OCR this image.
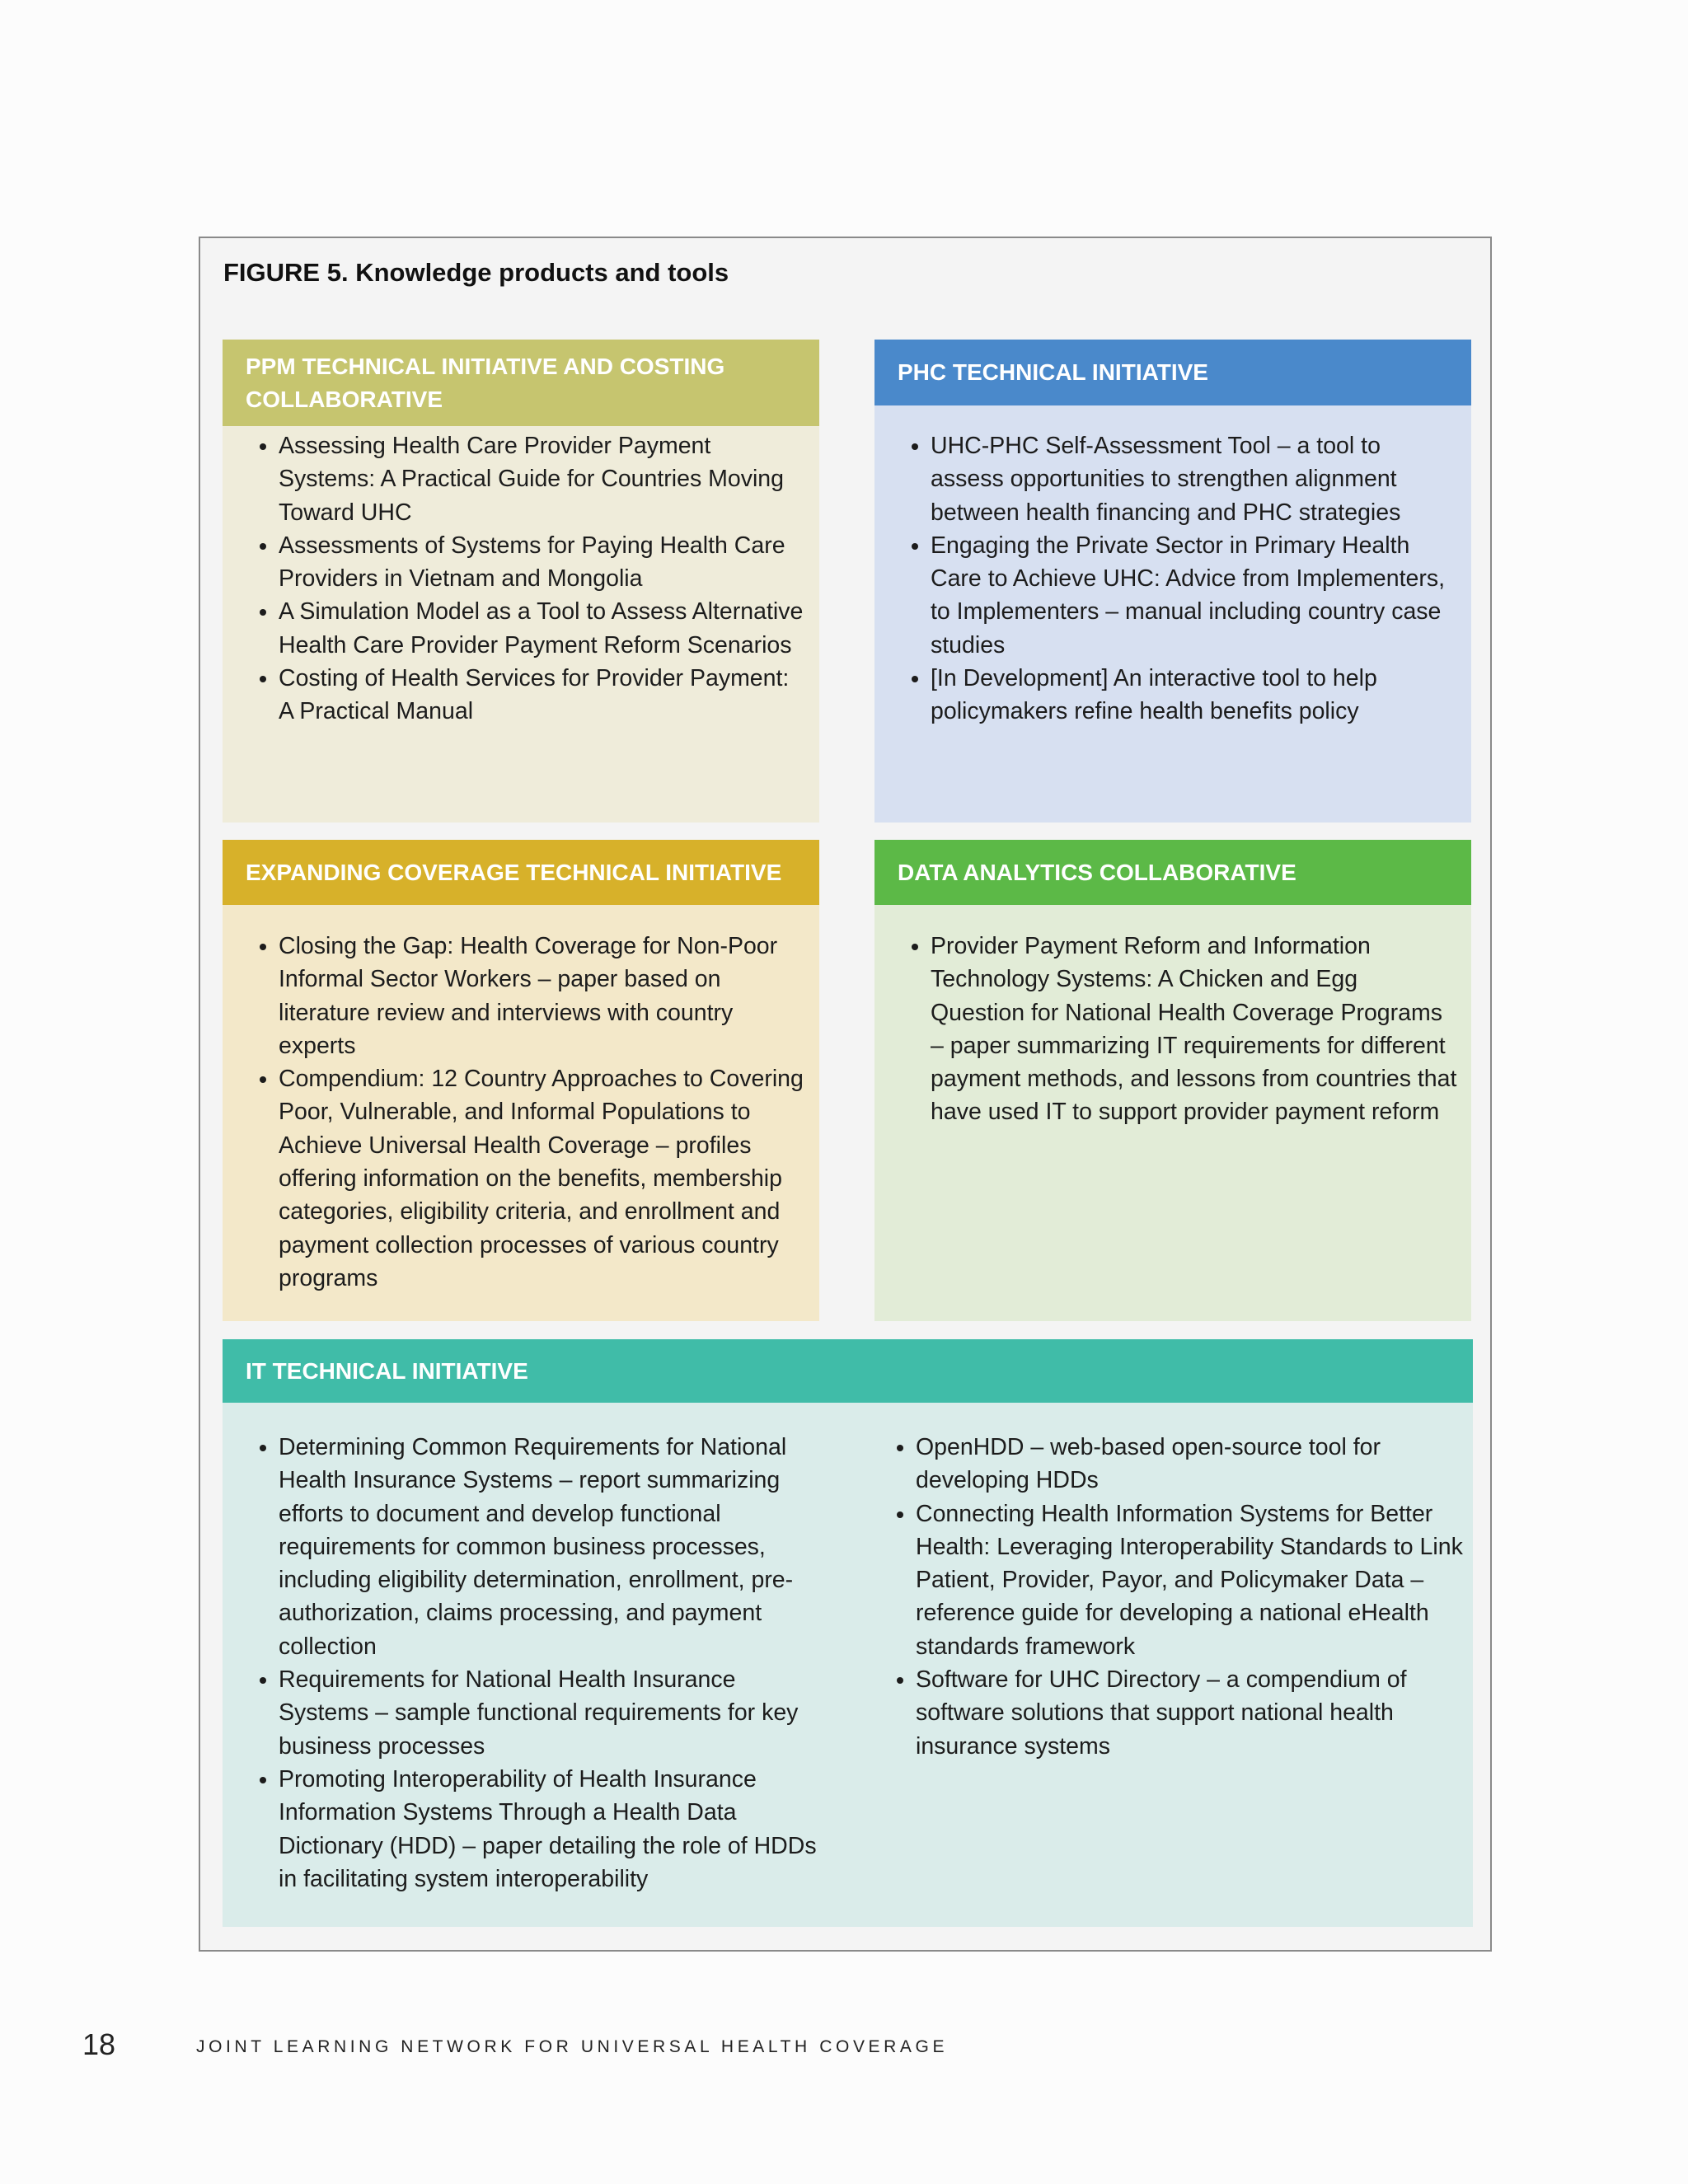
FIGURE 5. Knowledge products and tools
PPM TECHNICAL INITIATIVE AND COSTING COLLABORATIVE
• Assessing Health Care Provider Payment Systems: A Practical Guide for Countries Moving Toward UHC
• Assessments of Systems for Paying Health Care Providers in Vietnam and Mongolia
• A Simulation Model as a Tool to Assess Alternative Health Care Provider Payment Reform Scenarios
• Costing of Health Services for Provider Payment: A Practical Manual
PHC TECHNICAL INITIATIVE
• UHC-PHC Self-Assessment Tool – a tool to assess opportunities to strengthen alignment between health financing and PHC strategies
• Engaging the Private Sector in Primary Health Care to Achieve UHC: Advice from Implementers, to Implementers – manual including country case studies
• [In Development] An interactive tool to help policymakers refine health benefits policy
EXPANDING COVERAGE TECHNICAL INITIATIVE
• Closing the Gap: Health Coverage for Non-Poor Informal Sector Workers – paper based on literature review and interviews with country experts
• Compendium: 12 Country Approaches to Covering Poor, Vulnerable, and Informal Populations to Achieve Universal Health Coverage – profiles offering information on the benefits, membership categories, eligibility criteria, and enrollment and payment collection processes of various country programs
DATA ANALYTICS COLLABORATIVE
• Provider Payment Reform and Information Technology Systems: A Chicken and Egg Question for National Health Coverage Programs – paper summarizing IT requirements for different payment methods, and lessons from countries that have used IT to support provider payment reform
IT TECHNICAL INITIATIVE
• Determining Common Requirements for National Health Insurance Systems – report summarizing efforts to document and develop functional requirements for common business processes, including eligibility determination, enrollment, pre-authorization, claims processing, and payment collection
• Requirements for National Health Insurance Systems – sample functional requirements for key business processes
• Promoting Interoperability of Health Insurance Information Systems Through a Health Data Dictionary (HDD) – paper detailing the role of HDDs in facilitating system interoperability
• OpenHDD – web-based open-source tool for developing HDDs
• Connecting Health Information Systems for Better Health: Leveraging Interoperability Standards to Link Patient, Provider, Payor, and Policymaker Data – reference guide for developing a national eHealth standards framework
• Software for UHC Directory – a compendium of software solutions that support national health insurance systems
18	JOINT LEARNING NETWORK FOR UNIVERSAL HEALTH COVERAGE
